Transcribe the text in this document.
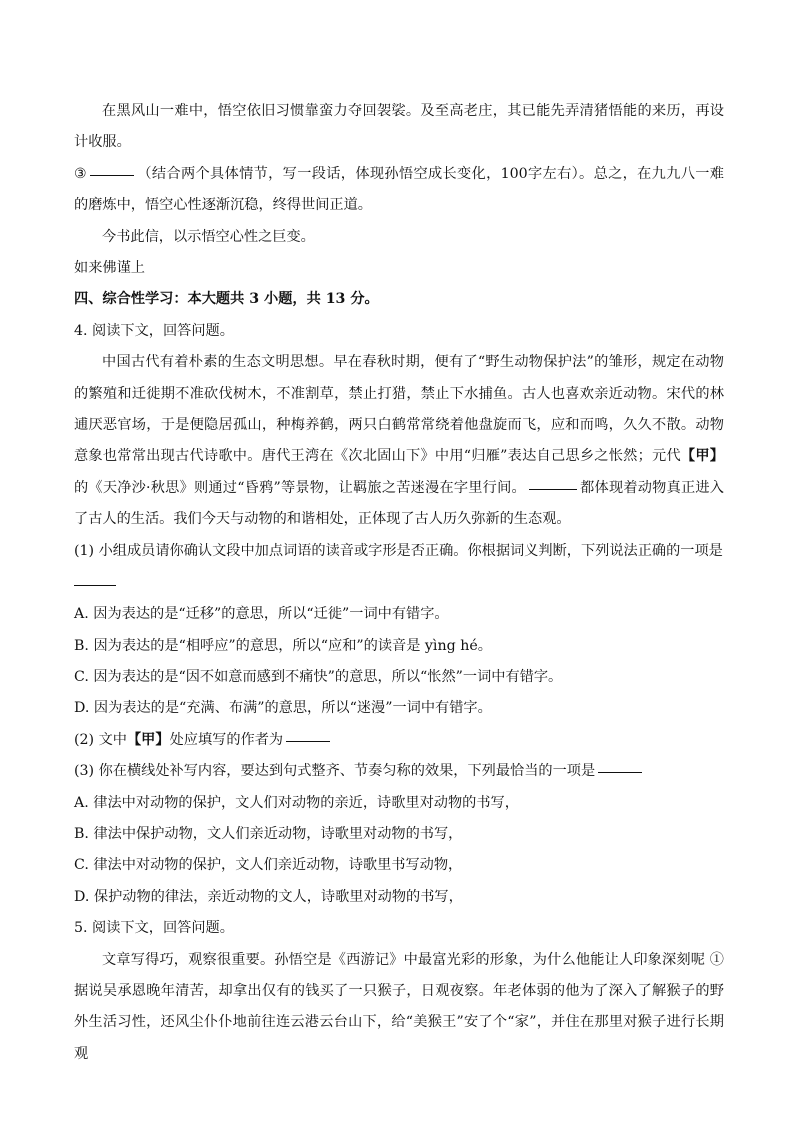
在黑风山一难中，悟空依旧习惯靠蛮力夺回袈裟。及至高老庄，其已能先弄清猪悟能的来历，再设计收服。

③	（结合两个具体情节，写一段话，体现孙悟空成长变化，100字左右）。总之，在九九八一难的磨炼中，悟空心性逐渐沉稳，终得世间正道。

今书此信，以示悟空心性之巨变。

如来佛谨上

四、综合性学习：本大题共 3 小题，共 13 分。

4. 阅读下文，回答问题。

中国古代有着朴素的生态文明思想。早在春秋时期，便有了“野生动物保护法”的雏形，规定在动物的繁殖和迁徙期不准砍伐树木，不准割草，禁止打猎，禁止下水捕鱼。古人也喜欢亲近动物。宋代的林逋厌恶官场，于是便隐居孤山，种梅养鹤，两只白鹤常常绕着他盘旋而飞，应和而鸣，久久不散。动物意象也常常出现古代诗歌中。唐代王湾在《次北固山下》中用“归雁”表达自己思乡之怅然；元代【甲】的《天净沙·秋思》则通过“昏鸦”等景物，让羁旅之苦迷漫在字里行间。	都体现着动物真正进入了古人的生活。我们今天与动物的和谐相处，正体现了古人历久弥新的生态观。

(1) 小组成员请你确认文段中加点词语的读音或字形是否正确。你根据词义判断，下列说法正确的一项是

A. 因为表达的是“迁移”的意思，所以“迁徙”一词中有错字。

B. 因为表达的是“相呼应”的意思，所以“应和”的读音是 yìng hé。

C. 因为表达的是“因不如意而感到不痛快”的意思，所以“怅然”一词中有错字。

D. 因为表达的是“充满、布满”的意思，所以“迷漫”一词中有错字。

(2) 文中【甲】处应填写的作者为

(3) 你在横线处补写内容，要达到句式整齐、节奏匀称的效果，下列最恰当的一项是

A. 律法中对动物的保护，文人们对动物的亲近，诗歌里对动物的书写，

B. 律法中保护动物，文人们亲近动物，诗歌里对动物的书写，

C. 律法中对动物的保护，文人们亲近动物，诗歌里书写动物，

D. 保护动物的律法，亲近动物的文人，诗歌里对动物的书写，

5. 阅读下文，回答问题。

文章写得巧，观察很重要。孙悟空是《西游记》中最富光彩的形象，为什么他能让人印象深刻呢 ①据说吴承恩晚年清苦，却拿出仅有的钱买了一只猴子，日观夜察。年老体弱的他为了深入了解猴子的野外生活习性，还风尘仆仆地前往连云港云台山下，给“美猴王”安了个“家”，并住在那里对猴子进行长期观
